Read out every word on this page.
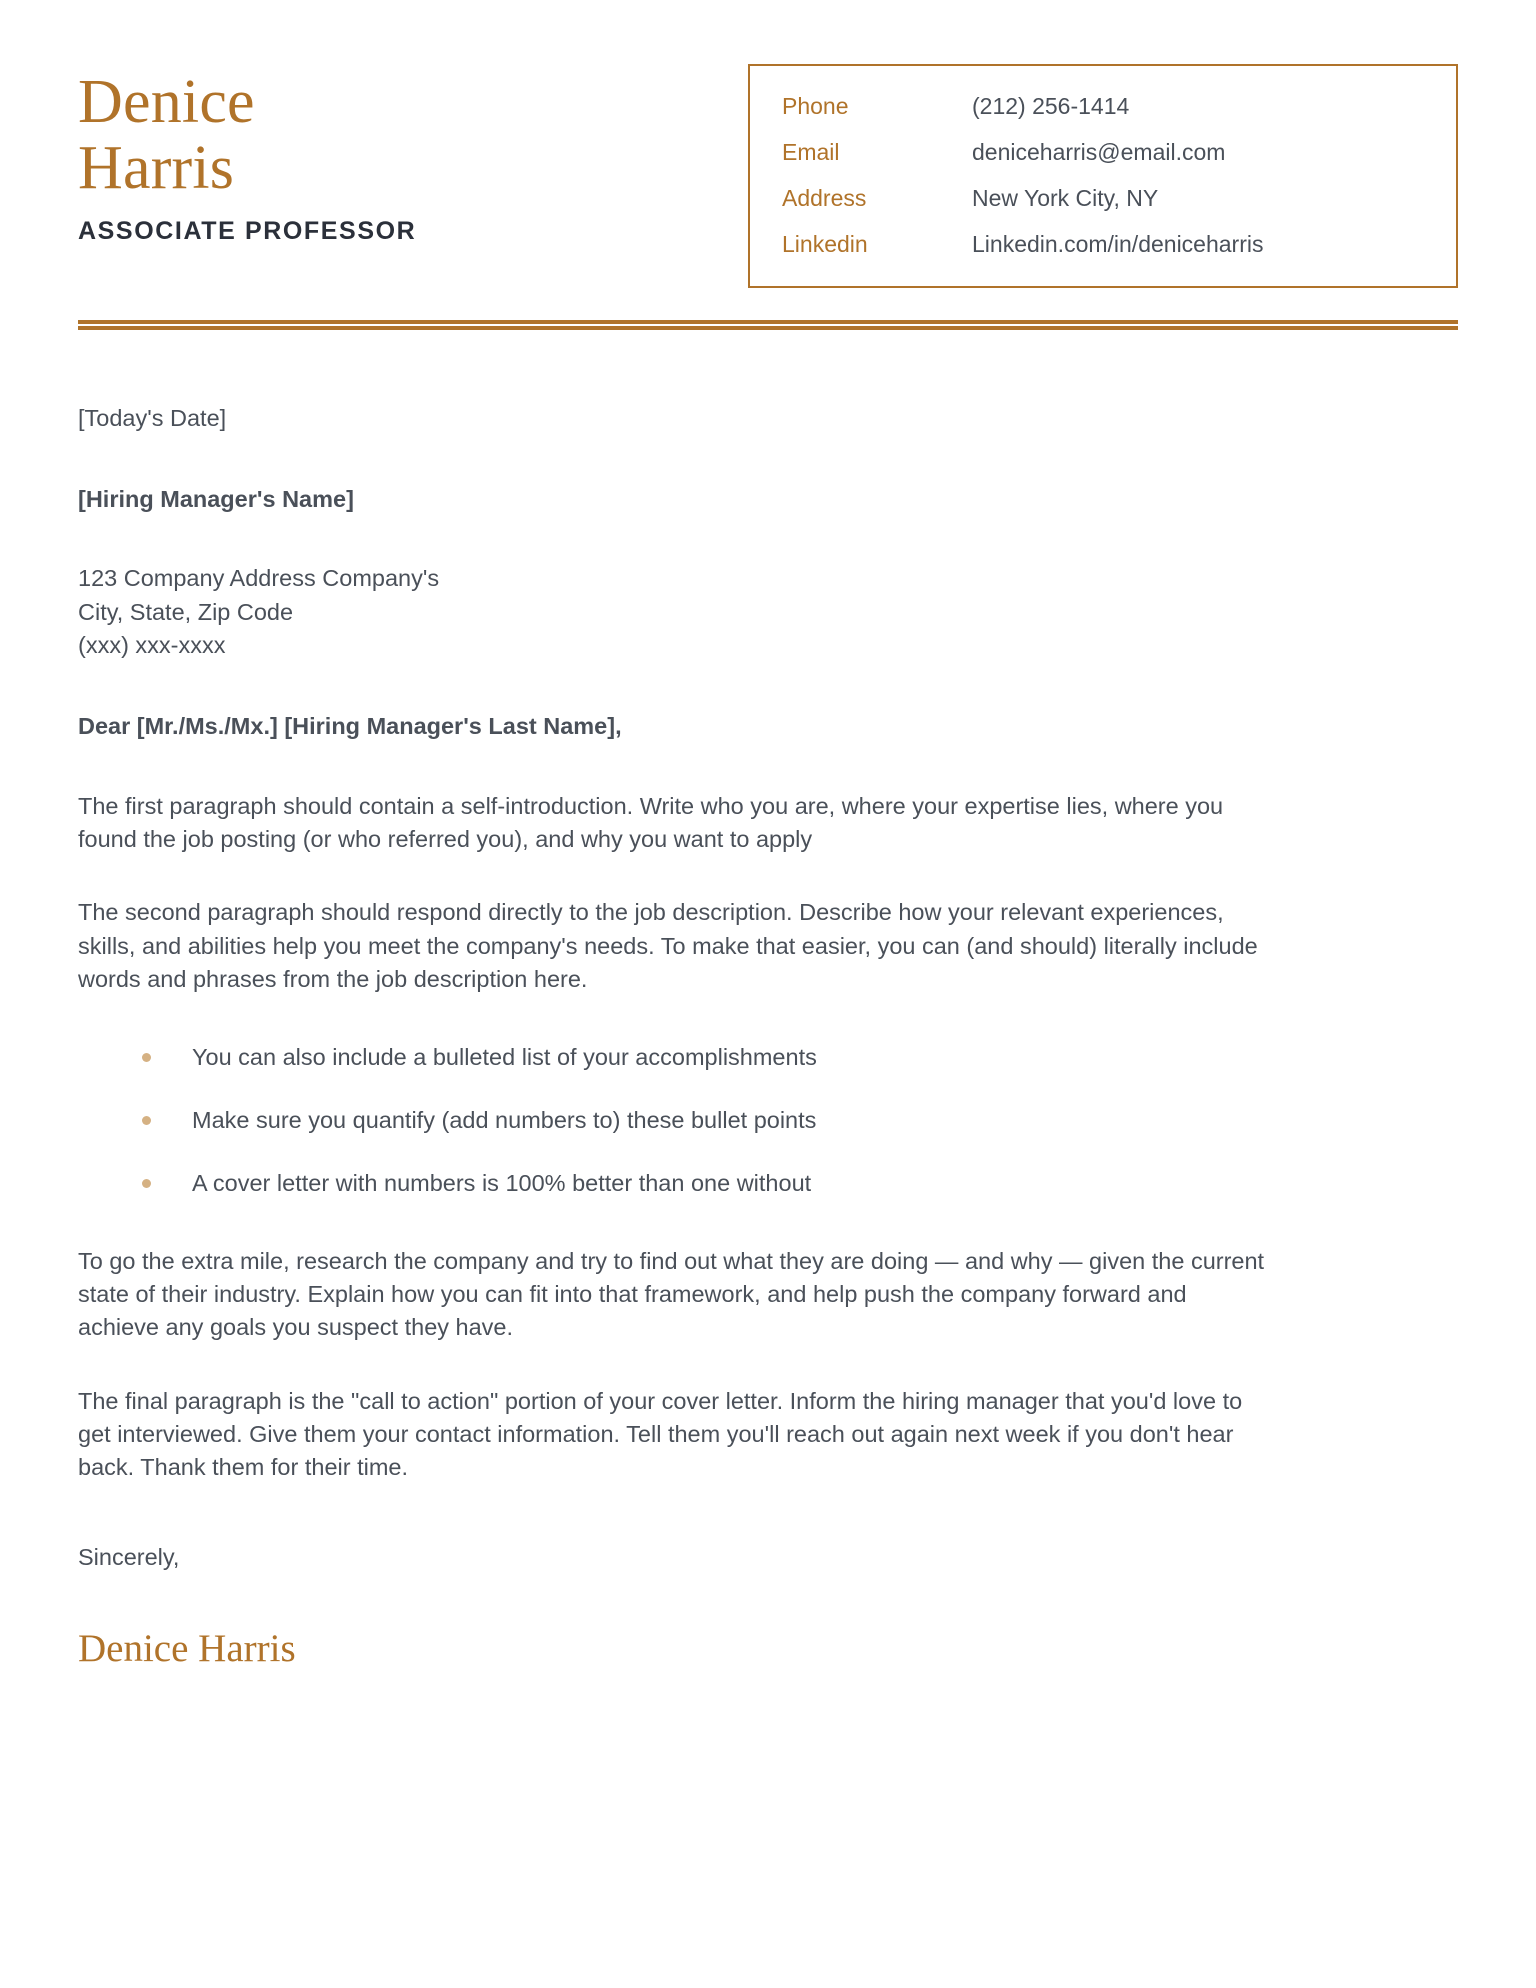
Denice
Harris
ASSOCIATE PROFESSOR
Phone	(212) 256-1414
Email	deniceharris@email.com
Address	New York City, NY
Linkedin	Linkedin.com/in/deniceharris

[Today's Date]

[Hiring Manager's Name]

123 Company Address Company's
City, State, Zip Code
(xxx) xxx-xxxx

Dear [Mr./Ms./Mx.] [Hiring Manager's Last Name],

The first paragraph should contain a self-introduction. Write who you are, where your expertise lies, where you found the job posting (or who referred you), and why you want to apply

The second paragraph should respond directly to the job description. Describe how your relevant experiences, skills, and abilities help you meet the company's needs. To make that easier, you can (and should) literally include words and phrases from the job description here.

You can also include a bulleted list of your accomplishments
Make sure you quantify (add numbers to) these bullet points
A cover letter with numbers is 100% better than one without

To go the extra mile, research the company and try to find out what they are doing — and why — given the current state of their industry. Explain how you can fit into that framework, and help push the company forward and achieve any goals you suspect they have.

The final paragraph is the "call to action" portion of your cover letter. Inform the hiring manager that you'd love to get interviewed. Give them your contact information. Tell them you'll reach out again next week if you don't hear back. Thank them for their time.

Sincerely,

Denice Harris
